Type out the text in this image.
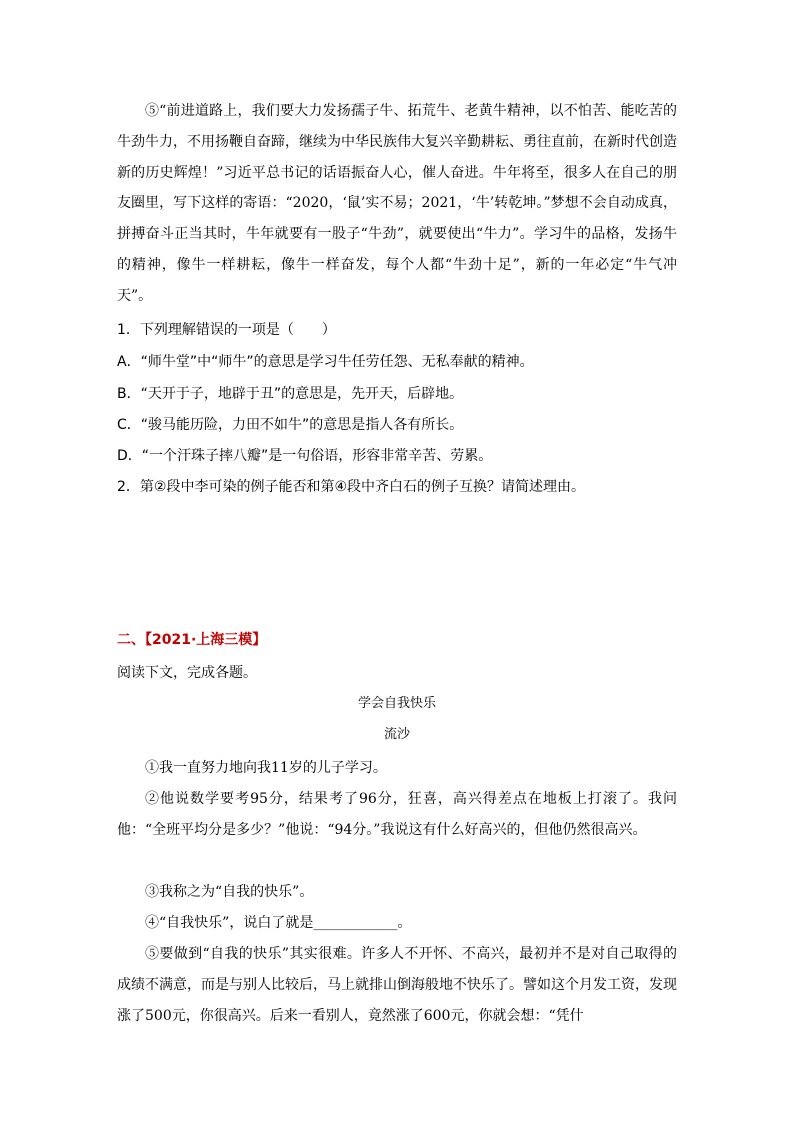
⑤“前进道路上，我们要大力发扬孺子牛、拓荒牛、老黄牛精神，以不怕苦、能吃苦的牛劲牛力，不用扬鞭自奋蹄，继续为中华民族伟大复兴辛勤耕耘、勇往直前，在新时代创造新的历史辉煌！”习近平总书记的话语振奋人心，催人奋进。牛年将至，很多人在自己的朋友圈里，写下这样的寄语：“2020，‘鼠’实不易；2021，‘牛’转乾坤。”梦想不会自动成真，拼搏奋斗正当其时，牛年就要有一股子“牛劲”，就要使出“牛力”。学习牛的品格，发扬牛的精神，像牛一样耕耘，像牛一样奋发，每个人都“牛劲十足”，新的一年必定“牛气冲天”。

1．下列理解错误的一项是（　　）

A．“师牛堂”中“师牛”的意思是学习牛任劳任怨、无私奉献的精神。

B．“天开于子，地辟于丑”的意思是，先开天，后辟地。

C．“骏马能历险，力田不如牛”的意思是指人各有所长。

D．“一个汗珠子摔八瓣”是一句俗语，形容非常辛苦、劳累。

2．第②段中李可染的例子能否和第④段中齐白石的例子互换？请简述理由。

二、【2021·上海三模】

阅读下文，完成各题。

学会自我快乐
流沙

①我一直努力地向我11岁的儿子学习。

②他说数学要考95分，结果考了96分，狂喜，高兴得差点在地板上打滚了。我问他：“全班平均分是多少？”他说：“94分。”我说这有什么好高兴的，但他仍然很高兴。

③我称之为“自我的快乐”。

④“自我快乐”，说白了就是____________。

⑤要做到“自我的快乐”其实很难。许多人不开怀、不高兴，最初并不是对自己取得的成绩不满意，而是与别人比较后，马上就排山倒海般地不快乐了。譬如这个月发工资，发现涨了500元，你很高兴。后来一看别人，竟然涨了600元，你就会想：“凭什
